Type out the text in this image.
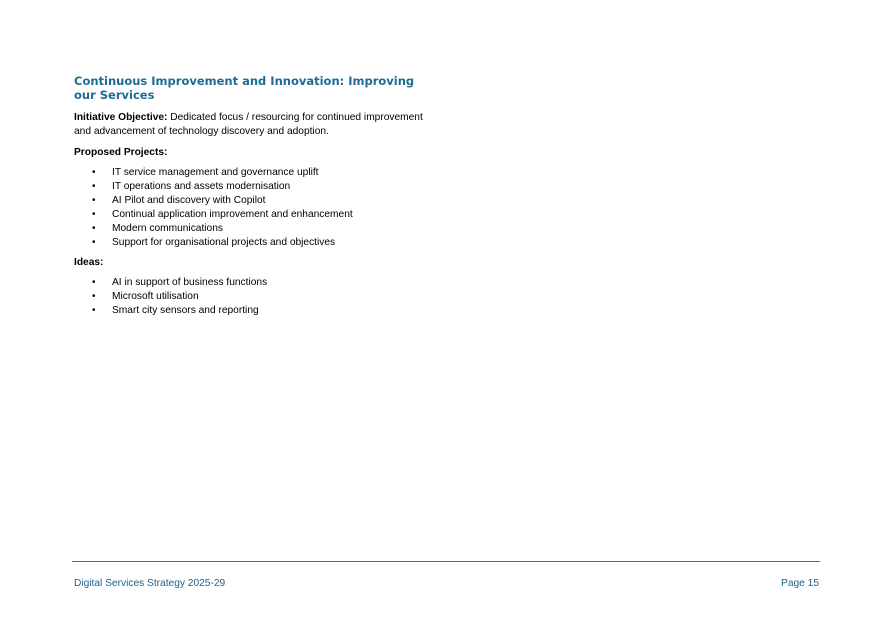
Continuous Improvement and Innovation: Improving our Services

Initiative Objective: Dedicated focus / resourcing for continued improvement and advancement of technology discovery and adoption.

Proposed Projects:
• IT service management and governance uplift
• IT operations and assets modernisation
• AI Pilot and discovery with Copilot
• Continual application improvement and enhancement
• Modern communications
• Support for organisational projects and objectives
Ideas:
• AI in support of business functions
• Microsoft utilisation
• Smart city sensors and reporting
Digital Services Strategy 2025-29	Page 15
